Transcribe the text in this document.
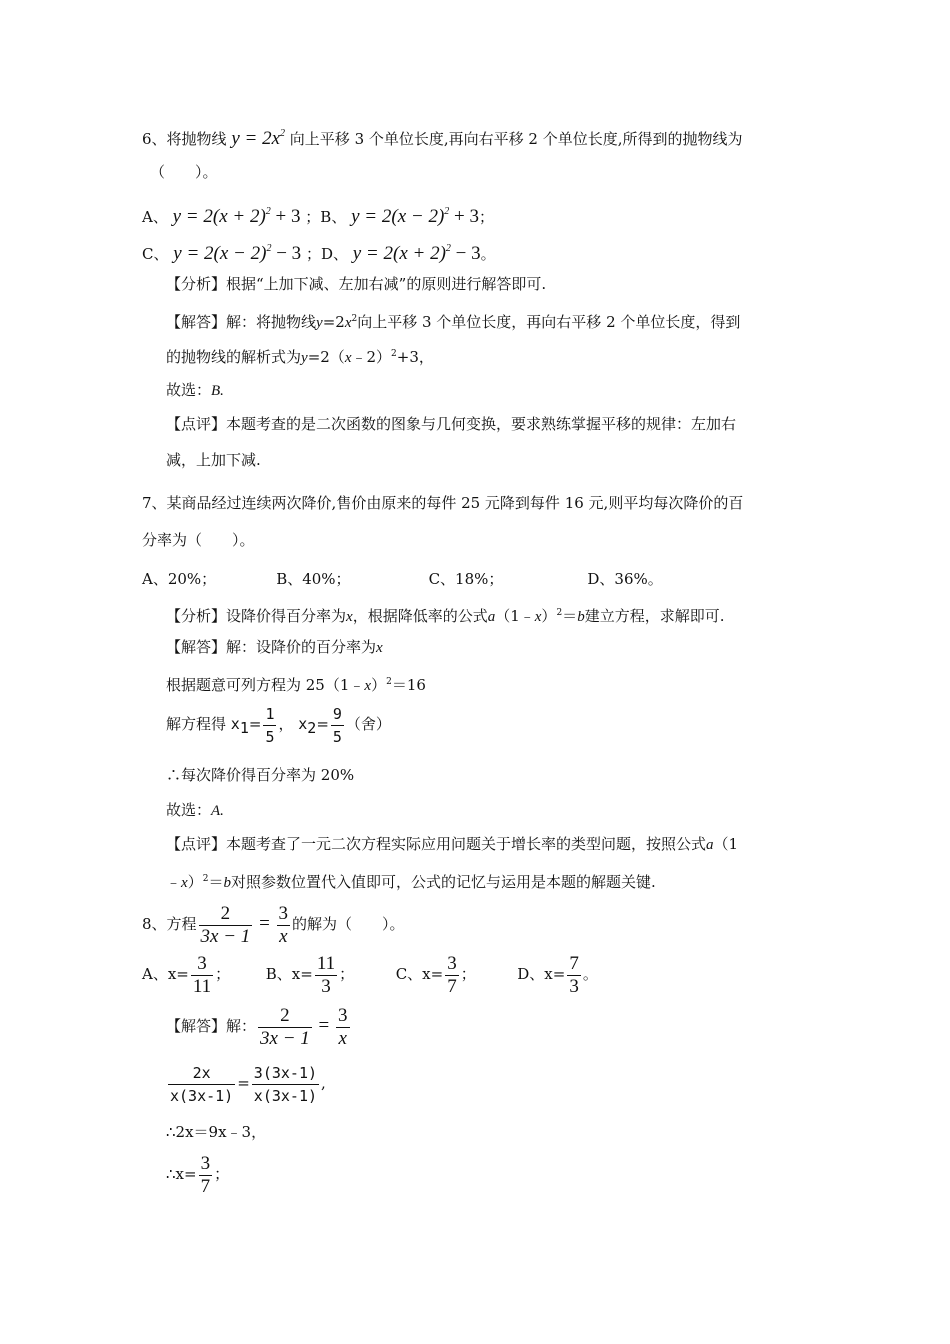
6、将抛物线 $y = 2x^2$ 向上平移 3 个单位长度,再向右平移 2 个单位长度,所得到的抛物线为
（　　）。
A、 $y = 2(x + 2)^2 + 3$ ；B、 $y = 2(x - 2)^2 + 3$；
C、 $y = 2(x - 2)^2 - 3$ ；D、 $y = 2(x + 2)^2 - 3$。
【分析】根据“上加下减、左加右减”的原则进行解答即可.
【解答】解：将抛物线$y=2x^2$向上平移 3 个单位长度，再向右平移 2 个单位长度，得到
的抛物线的解析式为y=2（x﹣2）$^2$+3，
故选：B.
【点评】本题考查的是二次函数的图象与几何变换，要求熟练掌握平移的规律：左加右
减，上加下减.
7、某商品经过连续两次降价,售价由原来的每件 25 元降到每件 16 元,则平均每次降价的百
分率为（　　）。
A、20%；	B、40%；	C、18%；	D、36%。
【分析】设降价得百分率为x，根据降低率的公式a（1﹣x）$^2$＝b建立方程，求解即可.
【解答】解：设降价的百分率为x
根据题意可列方程为 25（1﹣x）$^2$＝16
解方程得 $x_1= \frac{1}{5}$ ， $x_2= \frac{9}{5}$ （舍）
∴每次降价得百分率为 20%
故选：A.
【点评】本题考查了一元二次方程实际应用问题关于增长率的类型问题，按照公式a（1
﹣x）$^2$＝b对照参数位置代入值即可，公式的记忆与运用是本题的解题关键.
8、方程 $\frac{2}{3x - 1} = \frac{3}{x}$ 的解为（　　）。
A、$x= \frac{3}{11}$ ； B、$x= \frac{11}{3}$ ；	C、$x= \frac{3}{7}$ ；	D、$x= \frac{7}{3}$ 。
【解答】解： $\frac{2}{3x - 1} = \frac{3}{x}$
$\frac{2x}{x(3x-1)} = \frac{3(3x-1)}{x(3x-1)}$ ,
∴2x＝9x﹣3，
∴x= $\frac{3}{7}$ ；
